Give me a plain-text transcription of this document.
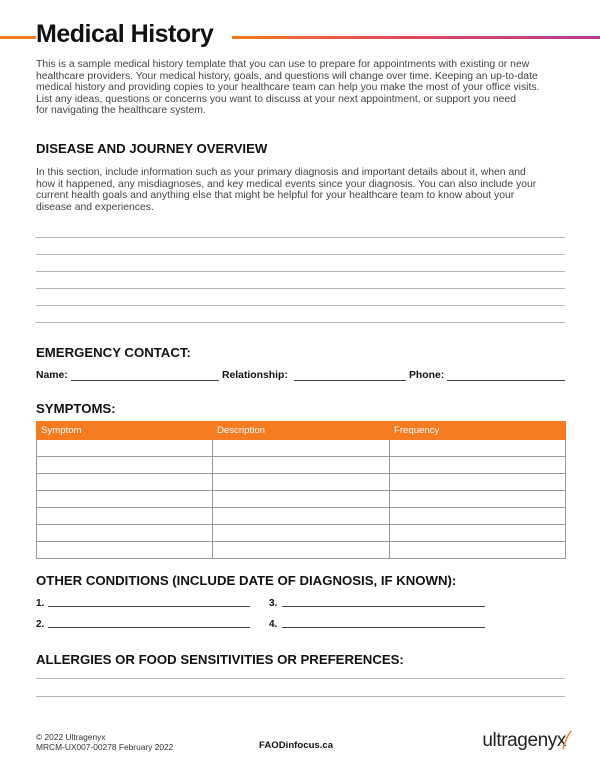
Medical History
This is a sample medical history template that you can use to prepare for appointments with existing or new
healthcare providers. Your medical history, goals, and questions will change over time. Keeping an up-to-date
medical history and providing copies to your healthcare team can help you make the most of your office visits.
List any ideas, questions or concerns you want to discuss at your next appointment, or support you need
for navigating the healthcare system.
DISEASE AND JOURNEY OVERVIEW
In this section, include information such as your primary diagnosis and important details about it, when and
how it happened, any misdiagnoses, and key medical events since your diagnosis. You can also include your
current health goals and anything else that might be helpful for your healthcare team to know about your
disease and experiences.
EMERGENCY CONTACT:
Name:	Relationship:	Phone:
SYMPTOMS:
Symptom	Description	Frequency

OTHER CONDITIONS (INCLUDE DATE OF DIAGNOSIS, IF KNOWN):
1.	3.
2.	4.
ALLERGIES OR FOOD SENSITIVITIES OR PREFERENCES:
© 2022 Ultragenyx
MRCM-UX007-00278 February 2022	FAODinfocus.ca	ultragenyx
